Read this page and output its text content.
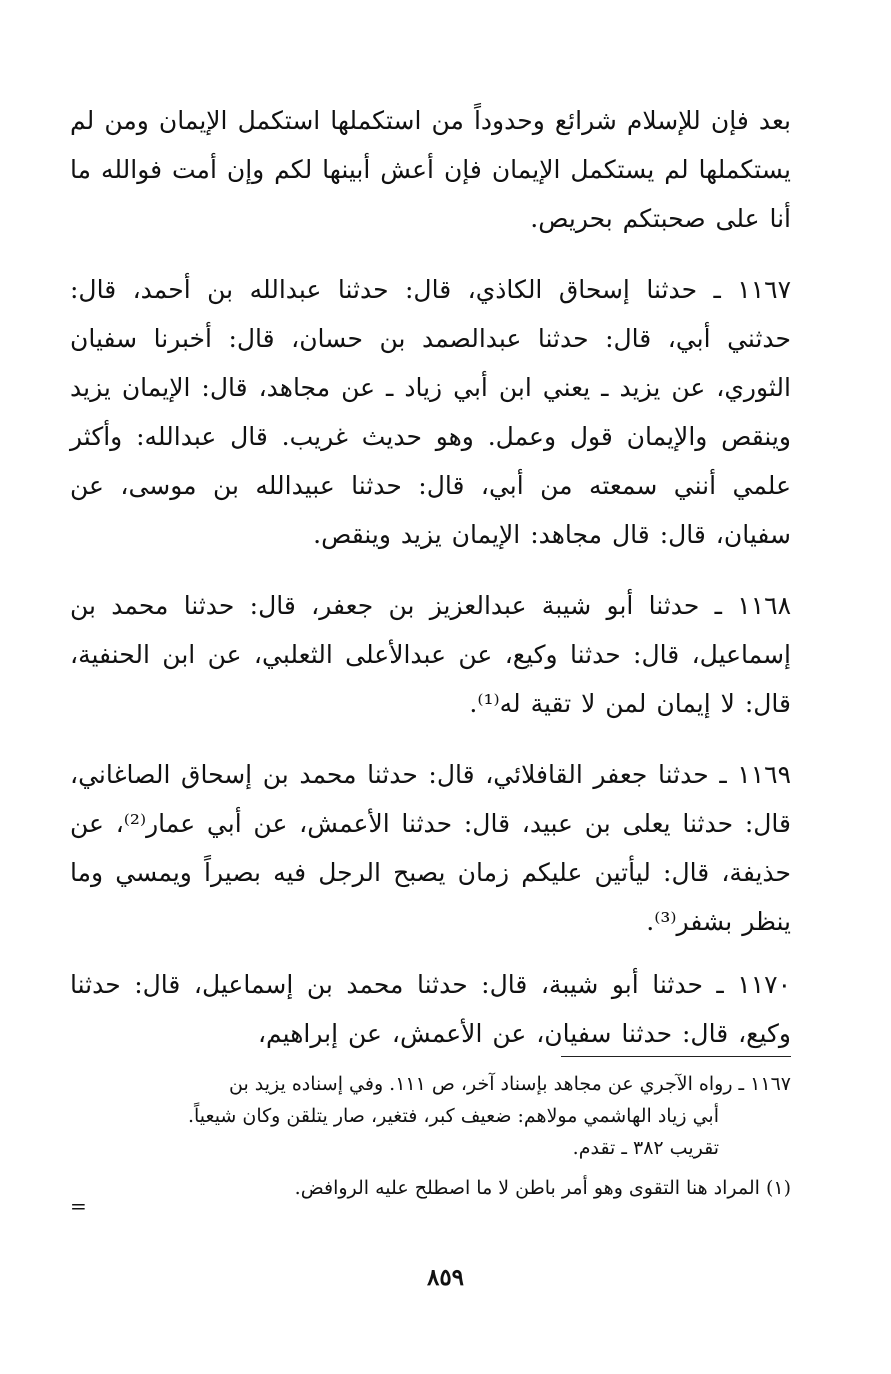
بعد فإن للإسلام شرائع وحدوداً من استكملها استكمل الإيمان ومن لم يستكملها لم يستكمل الإيمان فإن أعش أبينها لكم وإن أمت فوالله ما أنا على صحبتكم بحريص.

١١٦٧ ـ حدثنا إسحاق الكاذي، قال: حدثنا عبدالله بن أحمد، قال: حدثني أبي، قال: حدثنا عبدالصمد بن حسان، قال: أخبرنا سفيان الثوري، عن يزيد ـ يعني ابن أبي زياد ـ عن مجاهد، قال: الإيمان يزيد وينقص والإيمان قول وعمل. وهو حديث غريب. قال عبدالله: وأكثر علمي أنني سمعته من أبي، قال: حدثنا عبيدالله بن موسى، عن سفيان، قال: قال مجاهد: الإيمان يزيد وينقص.

١١٦٨ ـ حدثنا أبو شيبة عبدالعزيز بن جعفر، قال: حدثنا محمد بن إسماعيل، قال: حدثنا وكيع، عن عبدالأعلى الثعلبي، عن ابن الحنفية، قال: لا إيمان لمن لا تقية له⁽¹⁾.

١١٦٩ ـ حدثنا جعفر القافلائي، قال: حدثنا محمد بن إسحاق الصاغاني، قال: حدثنا يعلى بن عبيد، قال: حدثنا الأعمش، عن أبي عمار⁽²⁾، عن حذيفة، قال: ليأتين عليكم زمان يصبح الرجل فيه بصيراً ويمسي وما ينظر بشفر⁽³⁾.

١١٧٠ ـ حدثنا أبو شيبة، قال: حدثنا محمد بن إسماعيل، قال: حدثنا وكيع، قال: حدثنا سفيان، عن الأعمش، عن إبراهيم،

١١٦٧ ـ رواه الآجري عن مجاهد بإسناد آخر، ص ١١١. وفي إسناده يزيد بن

أبي زياد الهاشمي مولاهم: ضعيف كبر، فتغير، صار يتلقن وكان شيعياً.

تقريب ٣٨٢ ـ تقدم.

(١) المراد هنا التقوى وهو أمر باطن لا ما اصطلح عليه الروافض.

=
٨٥٩
